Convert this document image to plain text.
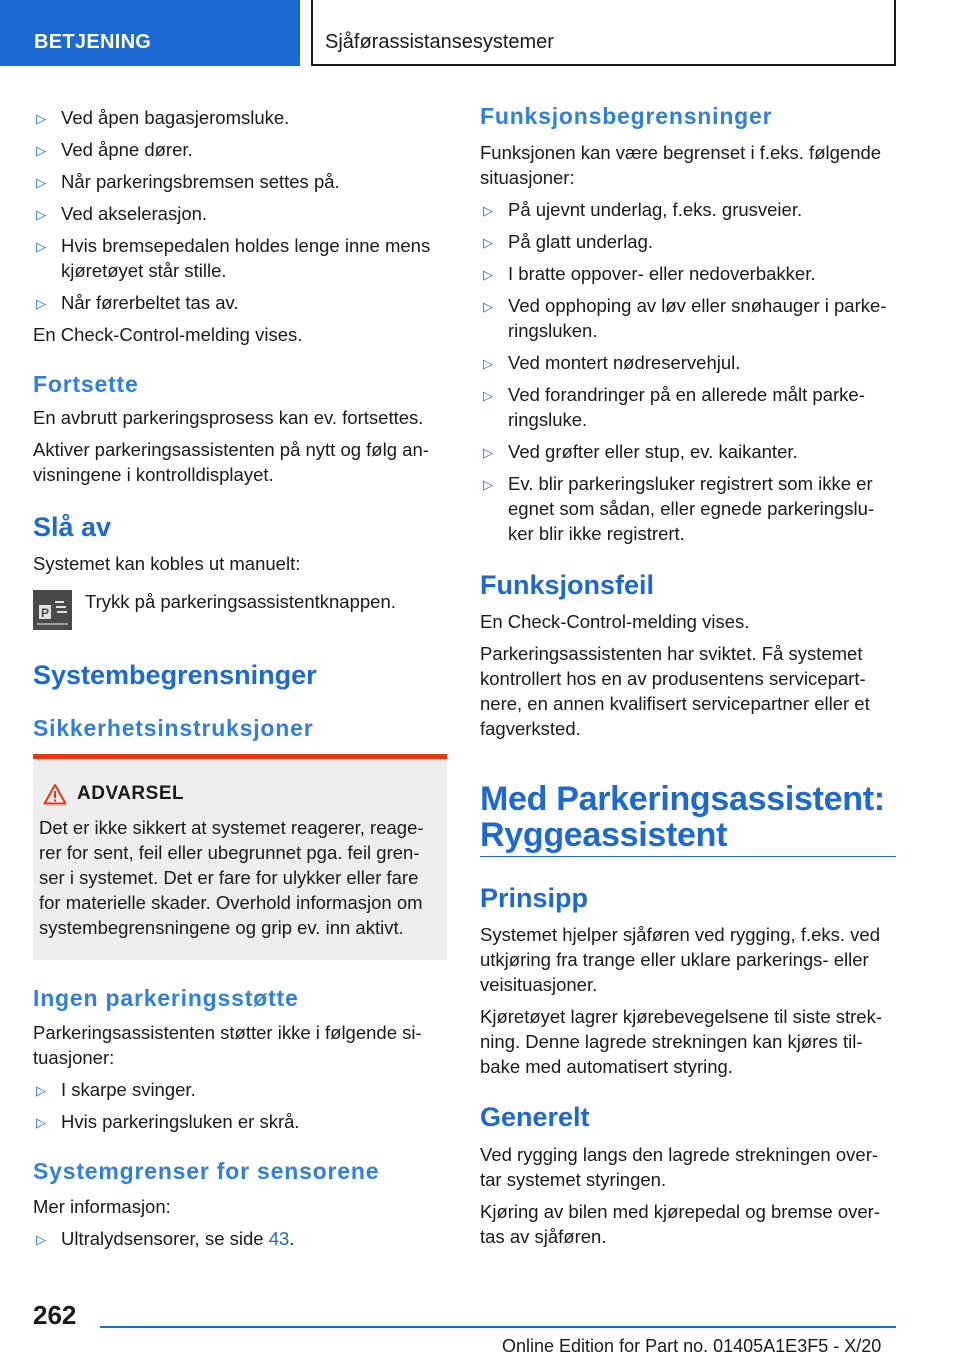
BETJENING	Sjåførassistansesystemer
▷ Ved åpen bagasjeromsluke.
▷ Ved åpne dører.
▷ Når parkeringsbremsen settes på.
▷ Ved akselerasjon.
▷ Hvis bremsepedalen holdes lenge inne mens
kjøretøyet står stille.
▷ Når førerbeltet tas av.
En Check-Control-melding vises.
Fortsette
En avbrutt parkeringsprosess kan ev. fortsettes.
Aktiver parkeringsassistenten på nytt og følg an-
visningene i kontrolldisplayet.
Slå av
Systemet kan kobles ut manuelt:
P
Trykk på parkeringsassistentknappen.
Systembegrensninger
Sikkerhetsinstruksjoner
ADVARSEL
Det er ikke sikkert at systemet reagerer, reage-
rer for sent, feil eller ubegrunnet pga. feil gren-
ser i systemet. Det er fare for ulykker eller fare
for materielle skader. Overhold informasjon om
systembegrensningene og grip ev. inn aktivt.
Ingen parkeringsstøtte
Parkeringsassistenten støtter ikke i følgende si-
tuasjoner:
▷ I skarpe svinger.
▷ Hvis parkeringsluken er skrå.
Systemgrenser for sensorene
Mer informasjon:
▷ Ultralydsensorer, se side 43.
Funksjonsbegrensninger
Funksjonen kan være begrenset i f.eks. følgende
situasjoner:
▷ På ujevnt underlag, f.eks. grusveier.
▷ På glatt underlag.
▷ I bratte oppover- eller nedoverbakker.
▷ Ved opphoping av løv eller snøhauger i parke-
ringsluken.
▷ Ved montert nødreservehjul.
▷ Ved forandringer på en allerede målt parke-
ringsluke.
▷ Ved grøfter eller stup, ev. kaikanter.
▷ Ev. blir parkeringsluker registrert som ikke er
egnet som sådan, eller egnede parkeringslu-
ker blir ikke registrert.
Funksjonsfeil
En Check-Control-melding vises.
Parkeringsassistenten har sviktet. Få systemet
kontrollert hos en av produsentens servicepart-
nere, en annen kvalifisert servicepartner eller et
fagverksted.
Med Parkeringsassistent:
Ryggeassistent
Prinsipp
Systemet hjelper sjåføren ved rygging, f.eks. ved
utkjøring fra trange eller uklare parkerings- eller
veisituasjoner.
Kjøretøyet lagrer kjørebevegelsene til siste strek-
ning. Denne lagrede strekningen kan kjøres til-
bake med automatisert styring.
Generelt
Ved rygging langs den lagrede strekningen over-
tar systemet styringen.
Kjøring av bilen med kjørepedal og bremse over-
tas av sjåføren.
262
Online Edition for Part no. 01405A1E3F5 - X/20
